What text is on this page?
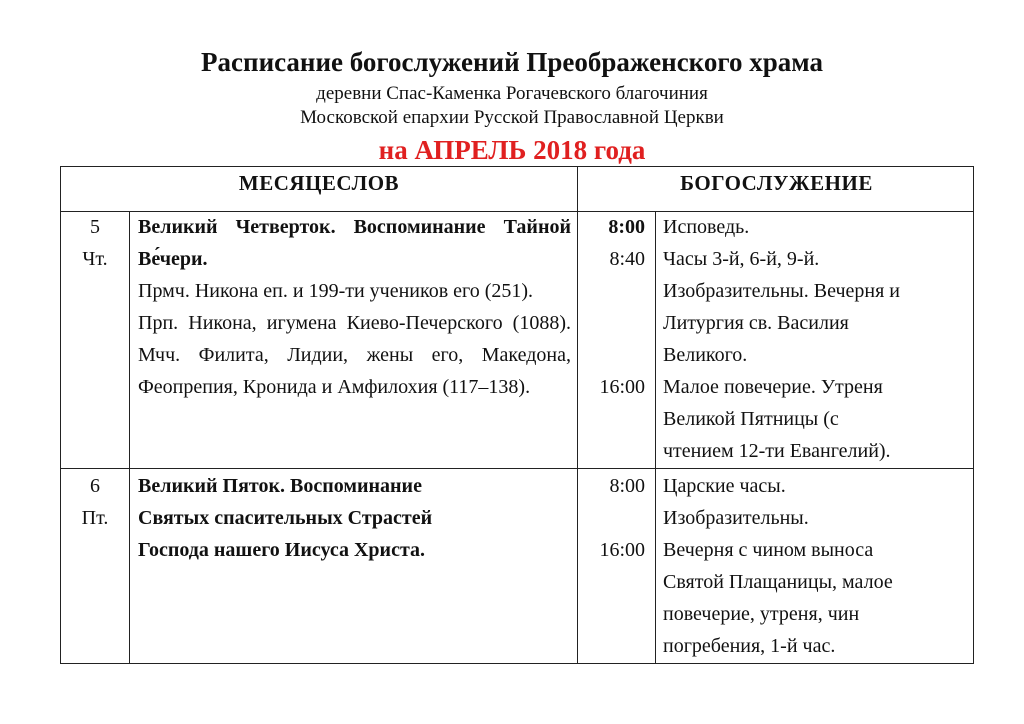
Расписание богослужений Преображенского храма
деревни Спас-Каменка Рогачевского благочиния
Московской епархии Русской Православной Церкви
на АПРЕЛЬ 2018 года
МЕСЯЦЕСЛОВ	БОГОСЛУЖЕНИЕ
5
Чт.

Великий Четверток. Воспоминание Тайной Ве́чери.

Прмч. Никона еп. и 199-ти учеников его (251).

Прп. Никона, игумена Киево-Печерского (1088). Мчч. Филита, Лидии, жены его, Македона, Феопрепия, Кронида и Амфилохия (117–138).

8:00
8:40
16:00
Исповедь.
Часы 3-й, 6-й, 9-й.
Изобразительны. Вечерня и
Литургия св. Василия
Великого.
Малое повечерие. Утреня
Великой Пятницы (с
чтением 12-ти Евангелий).
6
Пт.

Великий Пяток. Воспоминание Святых спасительных Страстей Господа нашего Иисуса Христа.

8:00
16:00
Царские часы.
Изобразительны.
Вечерня с чином выноса
Святой Плащаницы, малое
повечерие, утреня, чин
погребения, 1-й час.
